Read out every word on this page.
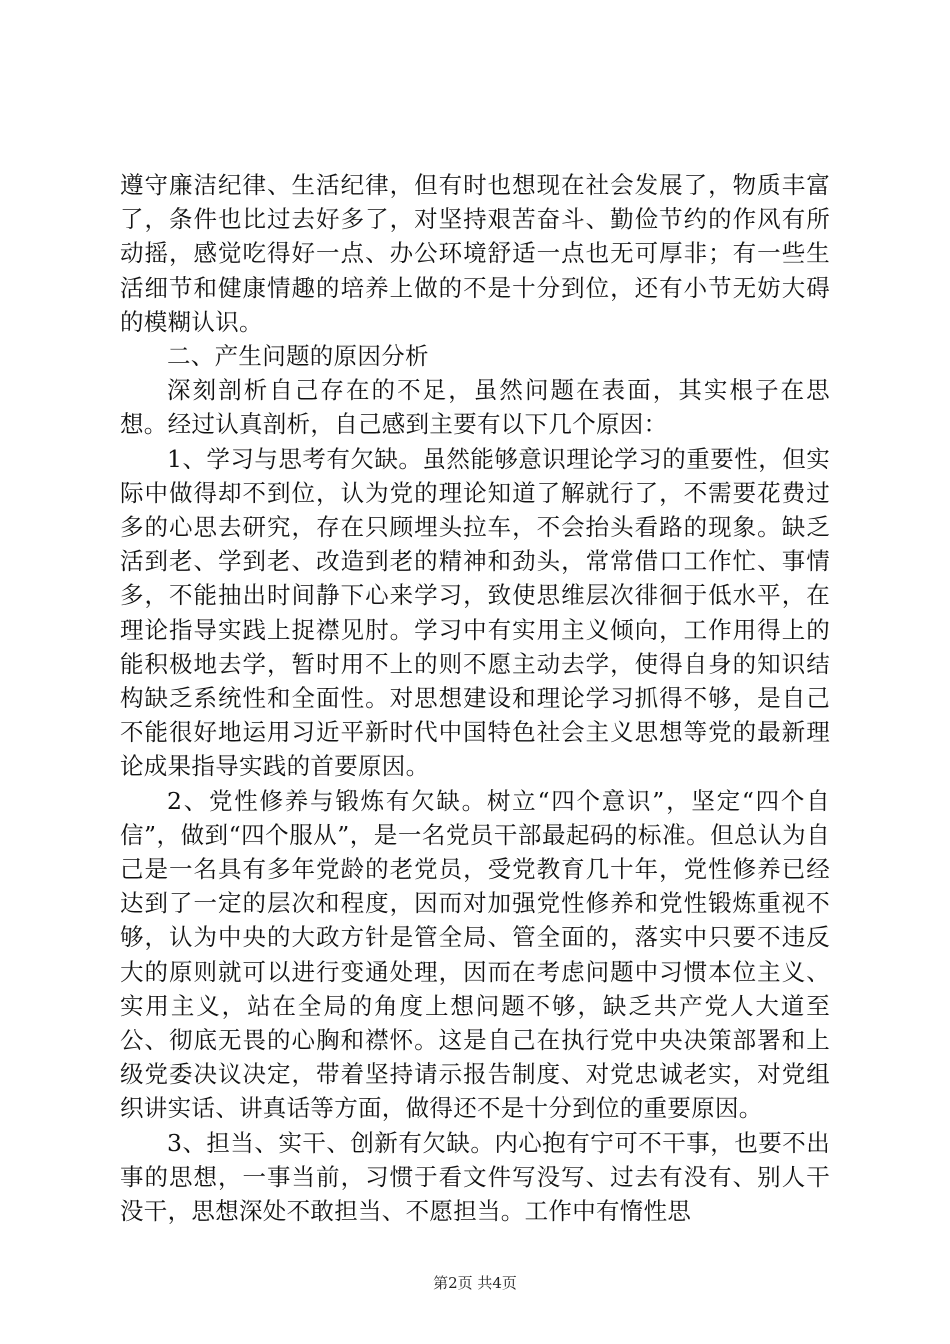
遵守廉洁纪律、生活纪律，但有时也想现在社会发展了，物质丰富了，条件也比过去好多了，对坚持艰苦奋斗、勤俭节约的作风有所动摇，感觉吃得好一点、办公环境舒适一点也无可厚非；有一些生活细节和健康情趣的培养上做的不是十分到位，还有小节无妨大碍的模糊认识。

二、产生问题的原因分析

深刻剖析自己存在的不足，虽然问题在表面，其实根子在思想。经过认真剖析，自己感到主要有以下几个原因：

1、学习与思考有欠缺。虽然能够意识理论学习的重要性，但实际中做得却不到位，认为党的理论知道了解就行了，不需要花费过多的心思去研究，存在只顾埋头拉车，不会抬头看路的现象。缺乏活到老、学到老、改造到老的精神和劲头，常常借口工作忙、事情多，不能抽出时间静下心来学习，致使思维层次徘徊于低水平，在理论指导实践上捉襟见肘。学习中有实用主义倾向，工作用得上的能积极地去学，暂时用不上的则不愿主动去学，使得自身的知识结构缺乏系统性和全面性。对思想建设和理论学习抓得不够，是自己不能很好地运用习近平新时代中国特色社会主义思想等党的最新理论成果指导实践的首要原因。

2、党性修养与锻炼有欠缺。树立“四个意识”，坚定“四个自信”，做到“四个服从”，是一名党员干部最起码的标准。但总认为自己是一名具有多年党龄的老党员，受党教育几十年，党性修养已经达到了一定的层次和程度，因而对加强党性修养和党性锻炼重视不够，认为中央的大政方针是管全局、管全面的，落实中只要不违反大的原则就可以进行变通处理，因而在考虑问题中习惯本位主义、实用主义，站在全局的角度上想问题不够，缺乏共产党人大道至公、彻底无畏的心胸和襟怀。这是自己在执行党中央决策部署和上级党委决议决定，带着坚持请示报告制度、对党忠诚老实，对党组织讲实话、讲真话等方面，做得还不是十分到位的重要原因。

3、担当、实干、创新有欠缺。内心抱有宁可不干事，也要不出事的思想，一事当前，习惯于看文件写没写、过去有没有、别人干没干，思想深处不敢担当、不愿担当。工作中有惰性思

第2页 共4页
